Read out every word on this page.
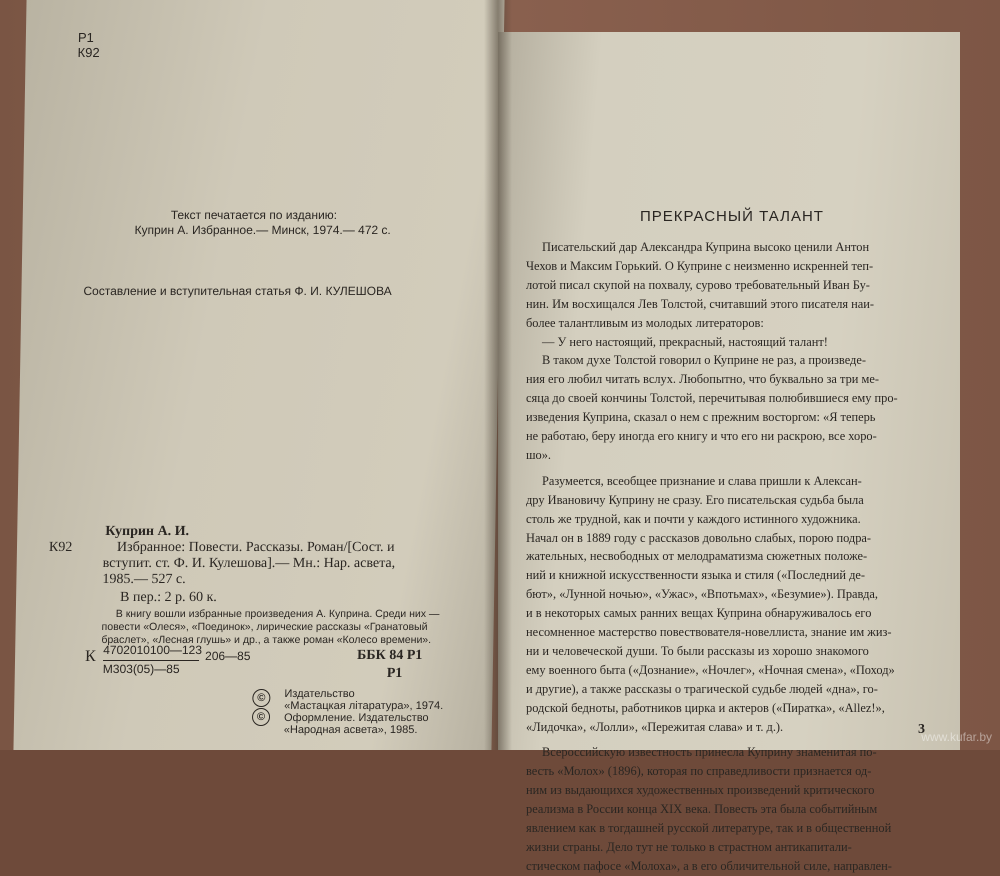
Р1
К92
Текст печатается по изданию:
Куприн А. Избранное.— Минск, 1974.— 472 с.
Составление и вступительная статья Ф. И. КУЛЕШОВА
Куприн А. И.
К92	Избранное: Повести. Рассказы. Роман/[Сост. и
вступит. ст. Ф. И. Кулешова].— Мн.: Нар. асвета,
1985.— 527 с.
В пер.: 2 р. 60 к.
В книгу вошли избранные произведения А. Куприна. Среди них —
повести «Олеся», «Поединок», лирические рассказы «Гранатовый
браслет», «Лесная глушь» и др., а также роман «Колесо времени».
К 4702010100—123
М303(05)—85
206—85	ББК 84 Р1
Р1
©	Издательство
«Мастацкая лiтаратура», 1974.
©	Оформление. Издательство
«Народная асвета», 1985.
ПРЕКРАСНЫЙ ТАЛАНТ
Писательский дар Александра Куприна высоко ценили Антон
Чехов и Максим Горький. О Куприне с неизменно искренней теп-
лотой писал скупой на похвалу, сурово требовательный Иван Бу-
нин. Им восхищался Лев Толстой, считавший этого писателя наи-
более талантливым из молодых литераторов:
— У него настоящий, прекрасный, настоящий талант!
В таком духе Толстой говорил о Куприне не раз, а произведе-
ния его любил читать вслух. Любопытно, что буквально за три ме-
сяца до своей кончины Толстой, перечитывая полюбившиеся ему про-
изведения Куприна, сказал о нем с прежним восторгом: «Я теперь
не работаю, беру иногда его книгу и что его ни раскрою, все хоро-
шо».
Разумеется, всеобщее признание и слава пришли к Алексан-
дру Ивановичу Куприну не сразу. Его писательская судьба была
столь же трудной, как и почти у каждого истинного художника.
Начал он в 1889 году с рассказов довольно слабых, порою подра-
жательных, несвободных от мелодраматизма сюжетных положе-
ний и книжной искусственности языка и стиля («Последний де-
бют», «Лунной ночью», «Ужас», «Впотьмах», «Безумие»). Правда,
и в некоторых самых ранних вещах Куприна обнаруживалось его
несомненное мастерство повествователя-новеллиста, знание им жиз-
ни и человеческой души. То были рассказы из хорошо знакомого
ему военного быта («Дознание», «Ночлег», «Ночная смена», «Поход»
и другие), а также рассказы о трагической судьбе людей «дна», го-
родской бедноты, работников цирка и актеров («Пиратка», «Allez!»,
«Лидочка», «Лолли», «Пережитая слава» и т. д.).
Всероссийскую известность принесла Куприну знаменитая по-
весть «Молох» (1896), которая по справедливости признается од-
ним из выдающихся художественных произведений критического
реализма в России конца XIX века. Повесть эта была событийным
явлением как в тогдашней русской литературе, так и в общественной
жизни страны. Дело тут не только в страстном антикапитали-
стическом пафосе «Молоха», а в его обличительной силе, направлен-
3
www.kufar.by
